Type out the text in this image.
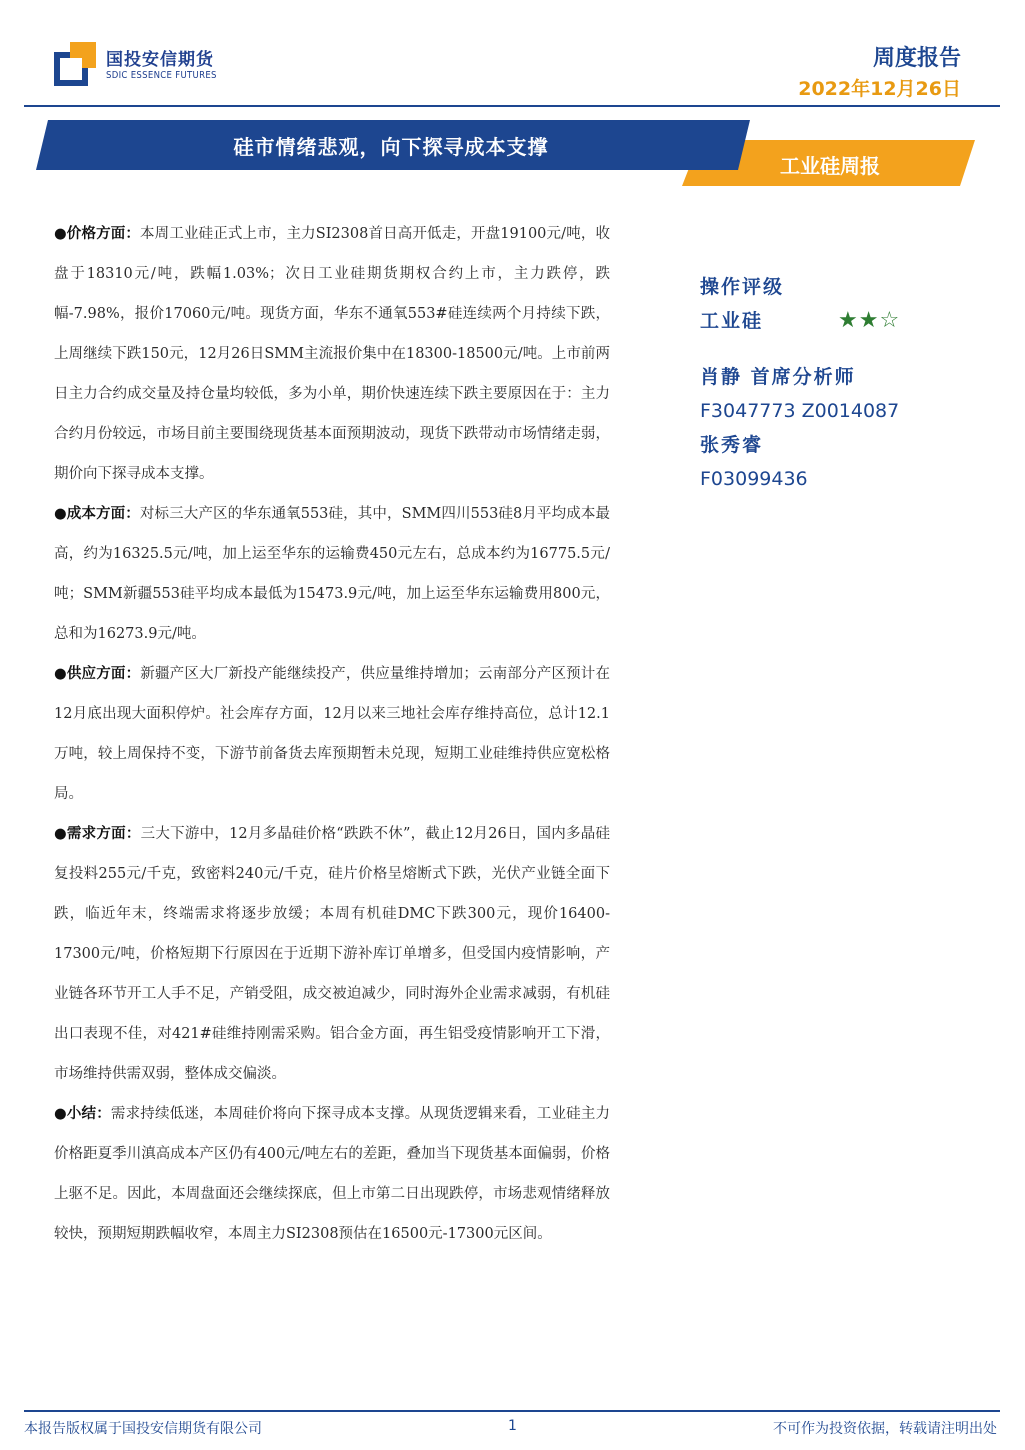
国投安信期货
SDIC ESSENCE FUTURES
周度报告
2022年12月26日
硅市情绪悲观，向下探寻成本支撑
工业硅周报

●价格方面：本周工业硅正式上市，主力SI2308首日高开低走，开盘19100元/吨，收盘于18310元/吨，跌幅1.03%；次日工业硅期货期权合约上市，主力跌停，跌幅-7.98%，报价17060元/吨。现货方面，华东不通氧553#硅连续两个月持续下跌，上周继续下跌150元，12月26日SMM主流报价集中在18300-18500元/吨。上市前两日主力合约成交量及持仓量均较低，多为小单，期价快速连续下跌主要原因在于：主力合约月份较远，市场目前主要围绕现货基本面预期波动，现货下跌带动市场情绪走弱，期价向下探寻成本支撑。

●成本方面：对标三大产区的华东通氧553硅，其中，SMM四川553硅8月平均成本最高，约为16325.5元/吨，加上运至华东的运输费450元左右，总成本约为16775.5元/吨；SMM新疆553硅平均成本最低为15473.9元/吨，加上运至华东运输费用800元，总和为16273.9元/吨。

●供应方面：新疆产区大厂新投产能继续投产，供应量维持增加；云南部分产区预计在12月底出现大面积停炉。社会库存方面，12月以来三地社会库存维持高位，总计12.1万吨，较上周保持不变，下游节前备货去库预期暂未兑现，短期工业硅维持供应宽松格局。

●需求方面：三大下游中，12月多晶硅价格“跌跌不休”，截止12月26日，国内多晶硅复投料255元/千克，致密料240元/千克，硅片价格呈熔断式下跌，光伏产业链全面下跌，临近年末，终端需求将逐步放缓；本周有机硅DMC下跌300元，现价16400-17300元/吨，价格短期下行原因在于近期下游补库订单增多，但受国内疫情影响，产业链各环节开工人手不足，产销受阻，成交被迫减少，同时海外企业需求减弱，有机硅出口表现不佳，对421#硅维持刚需采购。铝合金方面，再生铝受疫情影响开工下滑，市场维持供需双弱，整体成交偏淡。

●小结：需求持续低迷，本周硅价将向下探寻成本支撑。从现货逻辑来看，工业硅主力价格距夏季川滇高成本产区仍有400元/吨左右的差距，叠加当下现货基本面偏弱，价格上驱不足。因此，本周盘面还会继续探底，但上市第二日出现跌停，市场悲观情绪释放较快，预期短期跌幅收窄，本周主力SI2308预估在16500元-17300元区间。

操作评级
工业硅	★★☆
肖静 首席分析师
F3047773 Z0014087
张秀睿
F03099436
本报告版权属于国投安信期货有限公司	1	不可作为投资依据，转载请注明出处
